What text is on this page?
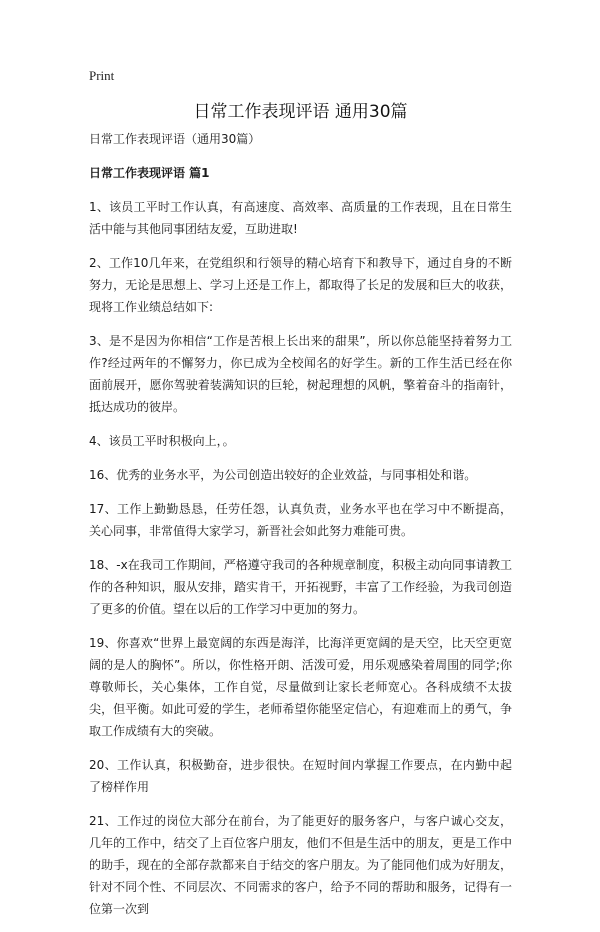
Print
日常工作表现评语 通用30篇

日常工作表现评语（通用30篇）

日常工作表现评语 篇1

1、该员工平时工作认真，有高速度、高效率、高质量的工作表现，且在日常生活中能与其他同事团结友爱，互助进取!

2、工作10几年来，在党组织和行领导的精心培育下和教导下，通过自身的不断努力，无论是思想上、学习上还是工作上，都取得了长足的发展和巨大的收获，现将工作业绩总结如下:

3、是不是因为你相信“工作是苦根上长出来的甜果”，所以你总能坚持着努力工作?经过两年的不懈努力，你已成为全校闻名的好学生。新的工作生活已经在你面前展开，愿你驾驶着装满知识的巨轮，树起理想的风帆，擎着奋斗的指南针，抵达成功的彼岸。

4、该员工平时积极向上，。

16、优秀的业务水平，为公司创造出较好的企业效益，与同事相处和谐。

17、工作上勤勤恳恳，任劳任怨，认真负责，业务水平也在学习中不断提高，关心同事，非常值得大家学习，新晋社会如此努力难能可贵。

18、-x在我司工作期间，严格遵守我司的各种规章制度，积极主动向同事请教工作的各种知识，服从安排，踏实肯干，开拓视野，丰富了工作经验，为我司创造了更多的价值。望在以后的工作学习中更加的努力。

19、你喜欢“世界上最宽阔的东西是海洋，比海洋更宽阔的是天空，比天空更宽阔的是人的胸怀”。所以，你性格开朗、活泼可爱，用乐观感染着周围的同学;你尊敬师长，关心集体，工作自觉，尽量做到让家长老师宽心。各科成绩不太拔尖，但平衡。如此可爱的学生，老师希望你能坚定信心，有迎难而上的勇气，争取工作成绩有大的突破。

20、工作认真，积极勤奋，进步很快。在短时间内掌握工作要点，在内勤中起了榜样作用

21、工作过的岗位大部分在前台，为了能更好的服务客户，与客户诚心交友，几年的工作中，结交了上百位客户朋友，他们不但是生活中的朋友，更是工作中的助手，现在的全部存款都来自于结交的客户朋友。为了能同他们成为好朋友，针对不同个性、不同层次、不同需求的客户，给予不同的帮助和服务，记得有一位第一次到
